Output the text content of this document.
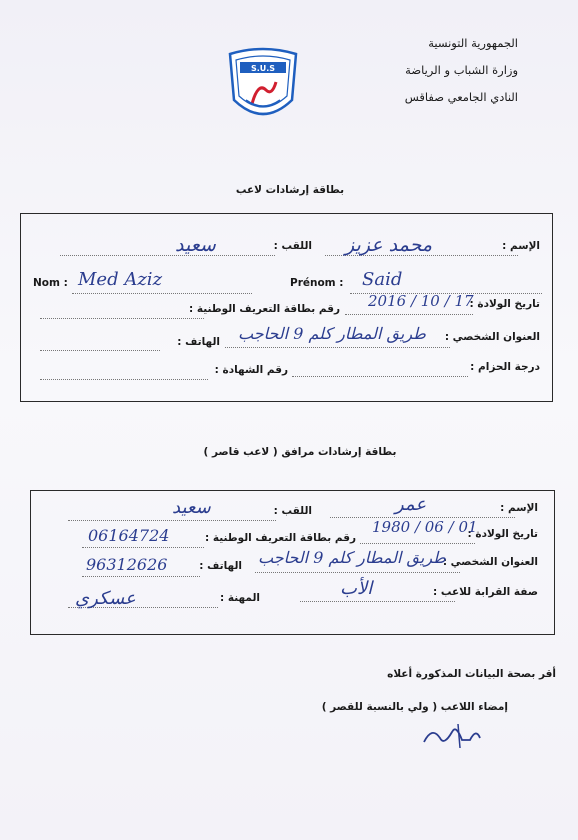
الجمهورية التونسية
وزارة الشباب و الرياضة
النادي الجامعي صفاقس
S.U.S
بطاقة إرشادات لاعب
الإسم :
محمد عزيز
اللقب :
سعيد
Nom : Med Aziz	Prénom : Said
تاريخ الولادة :
2016 / 10 / 17
رقم بطاقة التعريف الوطنية :
العنوان الشخصي :
طريق المطار كلم 9 الحاجب
الهاتف :
درجة الحزام :
رقم الشهادة :
بطاقة إرشادات مرافق ( لاعب قاصر )
الإسم :
عمر
اللقب :
سعيد
تاريخ الولادة :
1980 / 06 / 01
رقم بطاقة التعريف الوطنية :
06164724
العنوان الشخصي :
طريق المطار كلم 9 الحاجب
الهاتف :
96312626
صفة القرابة للاعب :
الأب
المهنة :
عسكري
أقر بصحة البيانات المذكورة أعلاه
إمضاء اللاعب ( ولي بالنسبة للقصر )
